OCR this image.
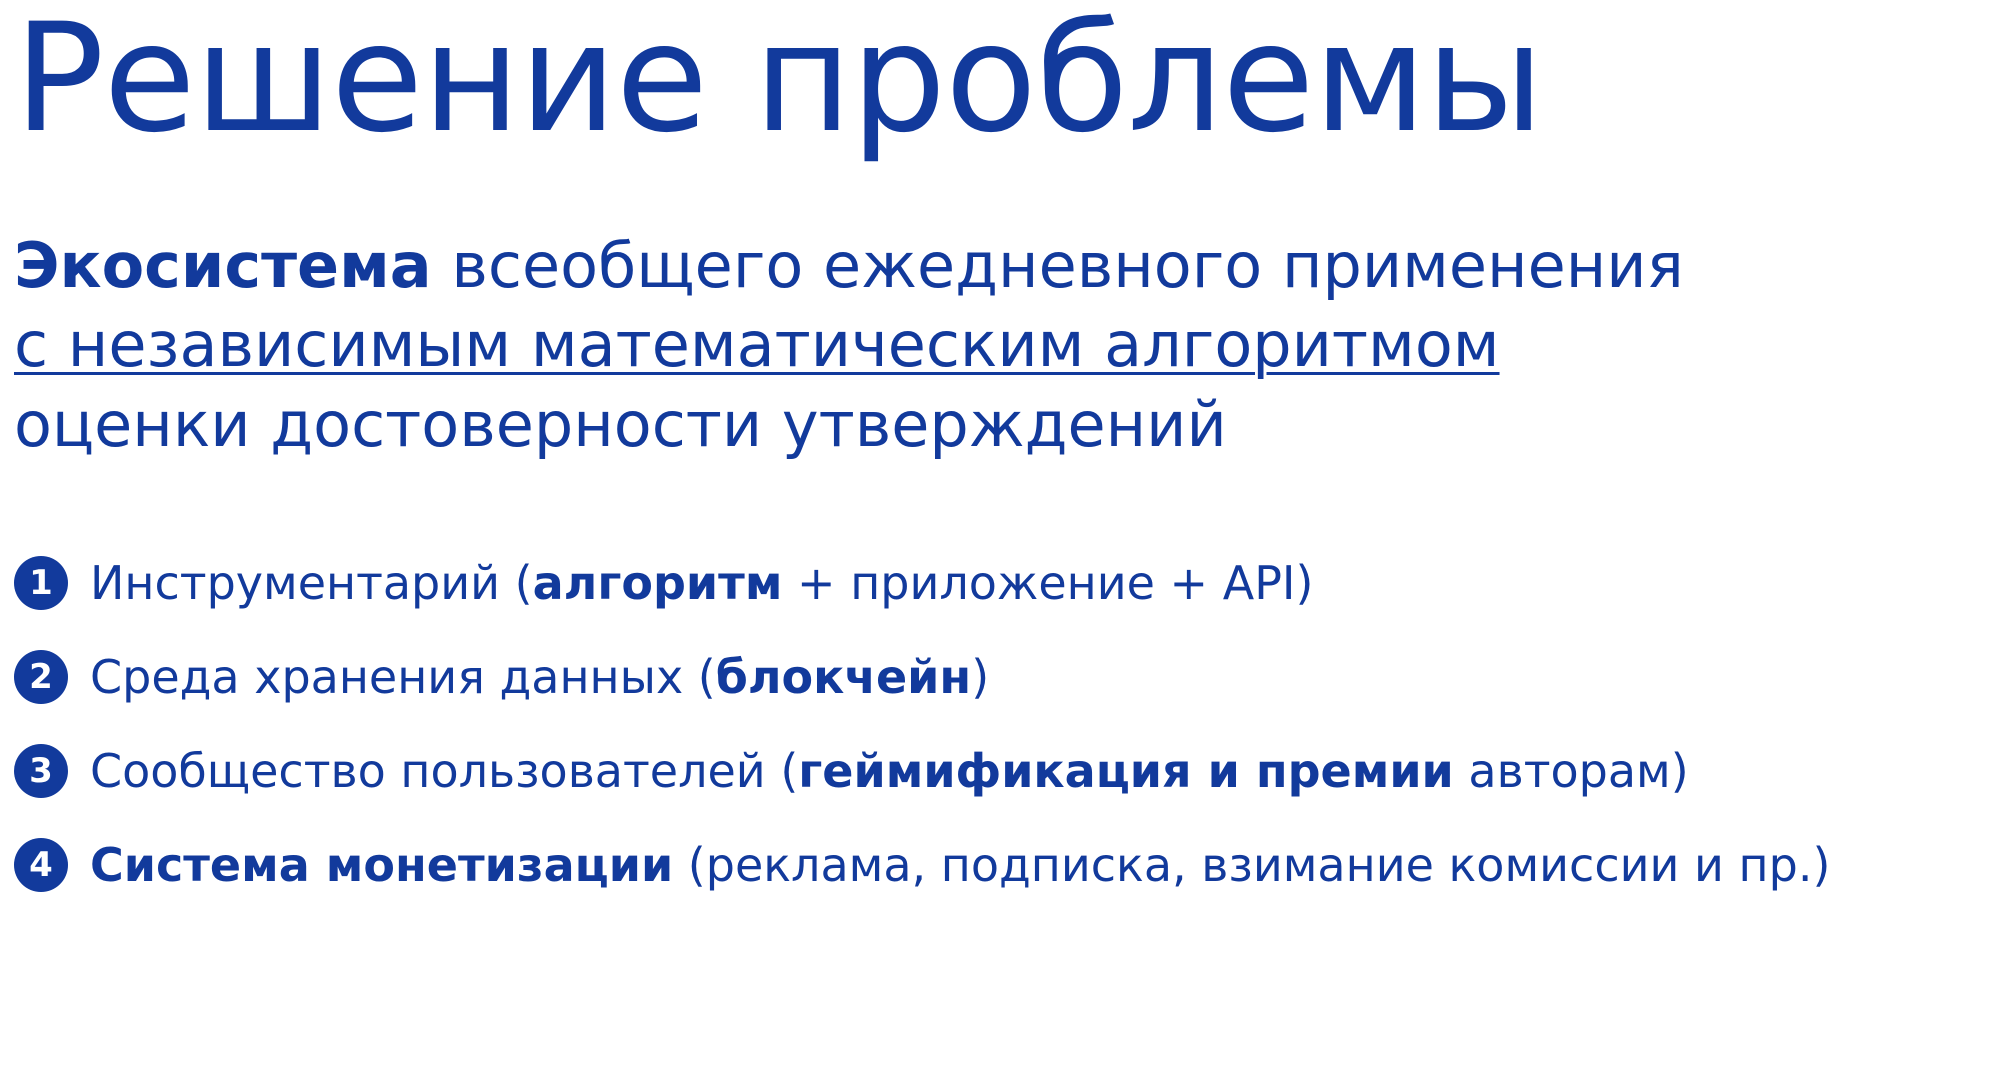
Решение проблемы
Экосистема всеобщего ежедневного применения
с независимым математическим алгоритмом
оценки достоверности утверждений
1 Инструментарий (алгоритм + приложение + API)
2 Среда хранения данных (блокчейн)
3 Сообщество пользователей (геймификация и премии авторам)
4 Система монетизации (реклама, подписка, взимание комиссии и пр.)
